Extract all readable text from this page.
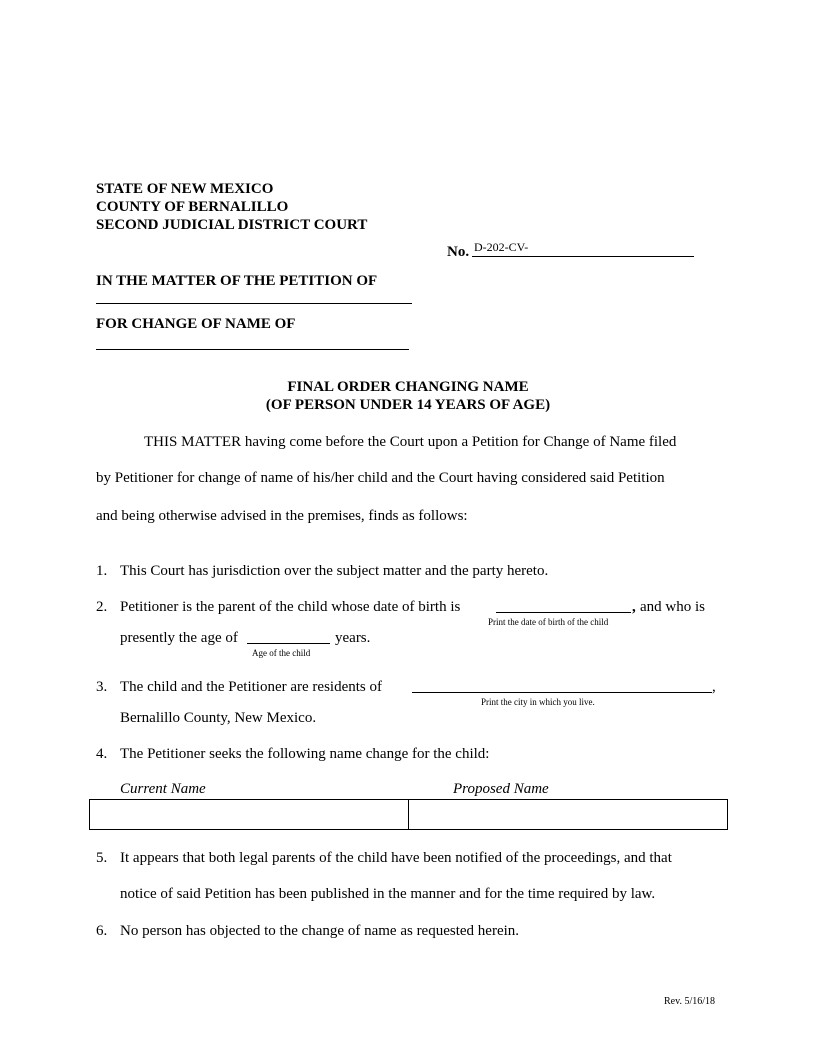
STATE OF NEW MEXICO
COUNTY OF BERNALILLO
SECOND JUDICIAL DISTRICT COURT
No. D-202-CV-
IN THE MATTER OF THE PETITION OF
FOR CHANGE OF NAME OF
FINAL ORDER CHANGING NAME
(OF PERSON UNDER 14 YEARS OF AGE)
THIS MATTER having come before the Court upon a Petition for Change of Name filed
by Petitioner for change of name of his/her child and the Court having considered said Petition
and being otherwise advised in the premises, finds as follows:
1. This Court has jurisdiction over the subject matter and the party hereto.
2. Petitioner is the parent of the child whose date of birth is	, and who is
Print the date of birth of the child
presently the age of	years.
Age of the child
3. The child and the Petitioner are residents of	,
Print the city in which you live.
Bernalillo County, New Mexico.
4. The Petitioner seeks the following name change for the child:
Current Name	Proposed Name

5. It appears that both legal parents of the child have been notified of the proceedings, and that
notice of said Petition has been published in the manner and for the time required by law.
6. No person has objected to the change of name as requested herein.
Rev. 5/16/18
